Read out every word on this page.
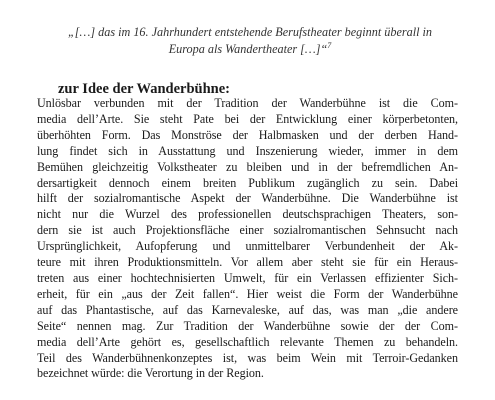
„[…] das im 16. Jahrhundert entstehende Berufstheater beginnt überall in
Europa als Wandertheater […]“$^7$
zur Idee der Wanderbühne:
Unlösbar verbunden mit der Tradition der Wanderbühne ist die Com-
media dell’Arte. Sie steht Pate bei der Entwicklung einer körperbetonten,
überhöhten Form. Das Monströse der Halbmasken und der derben Hand-
lung findet sich in Ausstattung und Inszenierung wieder, immer in dem
Bemühen gleichzeitig Volkstheater zu bleiben und in der befremdlichen An-
dersartigkeit dennoch einem breiten Publikum zugänglich zu sein. Dabei
hilft der sozialromantische Aspekt der Wanderbühne. Die Wanderbühne ist
nicht nur die Wurzel des professionellen deutschsprachigen Theaters, son-
dern sie ist auch Projektionsfläche einer sozialromantischen Sehnsucht nach
Ursprünglichkeit, Aufopferung und unmittelbarer Verbundenheit der Ak-
teure mit ihren Produktionsmitteln. Vor allem aber steht sie für ein Heraus-
treten aus einer hochtechnisierten Umwelt, für ein Verlassen effizienter Sich-
erheit, für ein „aus der Zeit fallen“. Hier weist die Form der Wanderbühne
auf das Phantastische, auf das Karnevaleske, auf das, was man „die andere
Seite“ nennen mag. Zur Tradition der Wanderbühne sowie der der Com-
media dell’Arte gehört es, gesellschaftlich relevante Themen zu behandeln.
Teil des Wanderbühnenkonzeptes ist, was beim Wein mit Terroir-Gedanken
bezeichnet würde: die Verortung in der Region.
